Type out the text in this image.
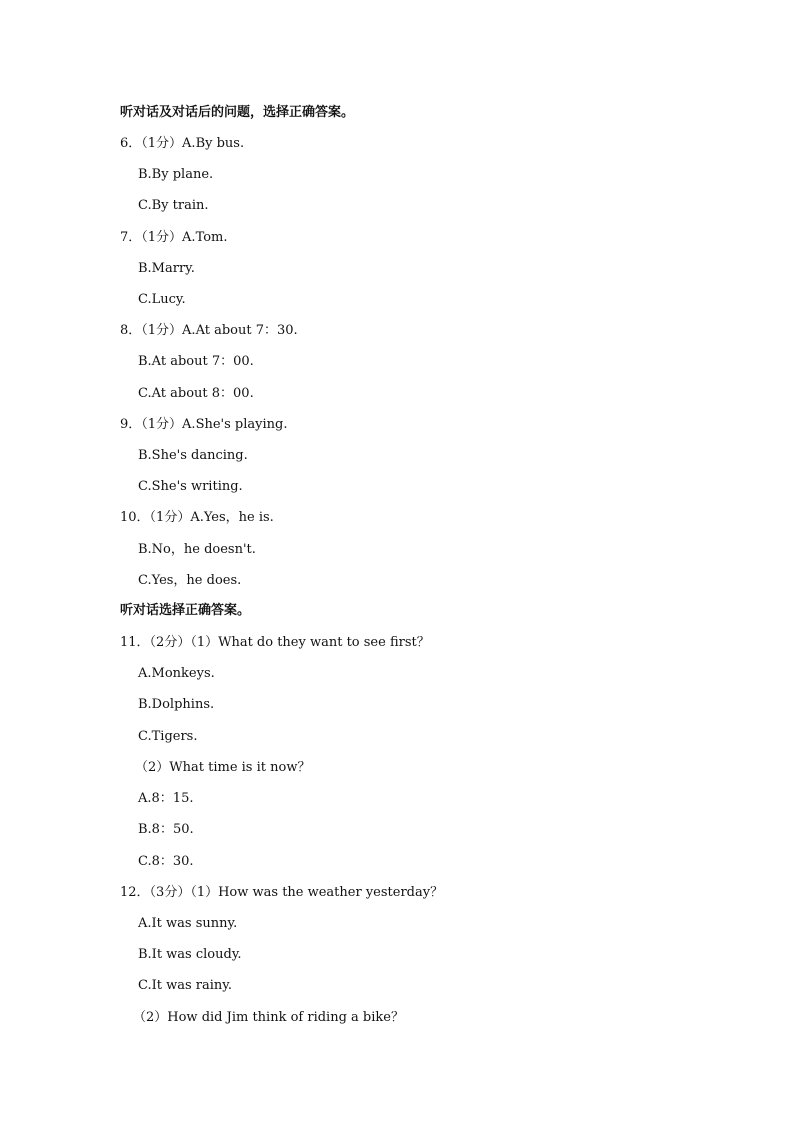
听对话及对话后的问题，选择正确答案。
6．（1分）A.By bus.
B.By plane.
C.By train.
7．（1分）A.Tom.
B.Marry.
C.Lucy.
8．（1分）A.At about 7：30.
B.At about 7：00.
C.At about 8：00.
9．（1分）A.She's playing.
B.She's dancing.
C.She's writing.
10．（1分）A.Yes，he is.
B.No，he doesn't.
C.Yes，he does.
听对话选择正确答案。
11．（2分）（1）What do they want to see first？
A.Monkeys.
B.Dolphins.
C.Tigers.
（2）What time is it now？
A.8：15.
B.8：50.
C.8：30.
12．（3分）（1）How was the weather yesterday？
A.It was sunny.
B.It was cloudy.
C.It was rainy.
（2）How did Jim think of riding a bike？
